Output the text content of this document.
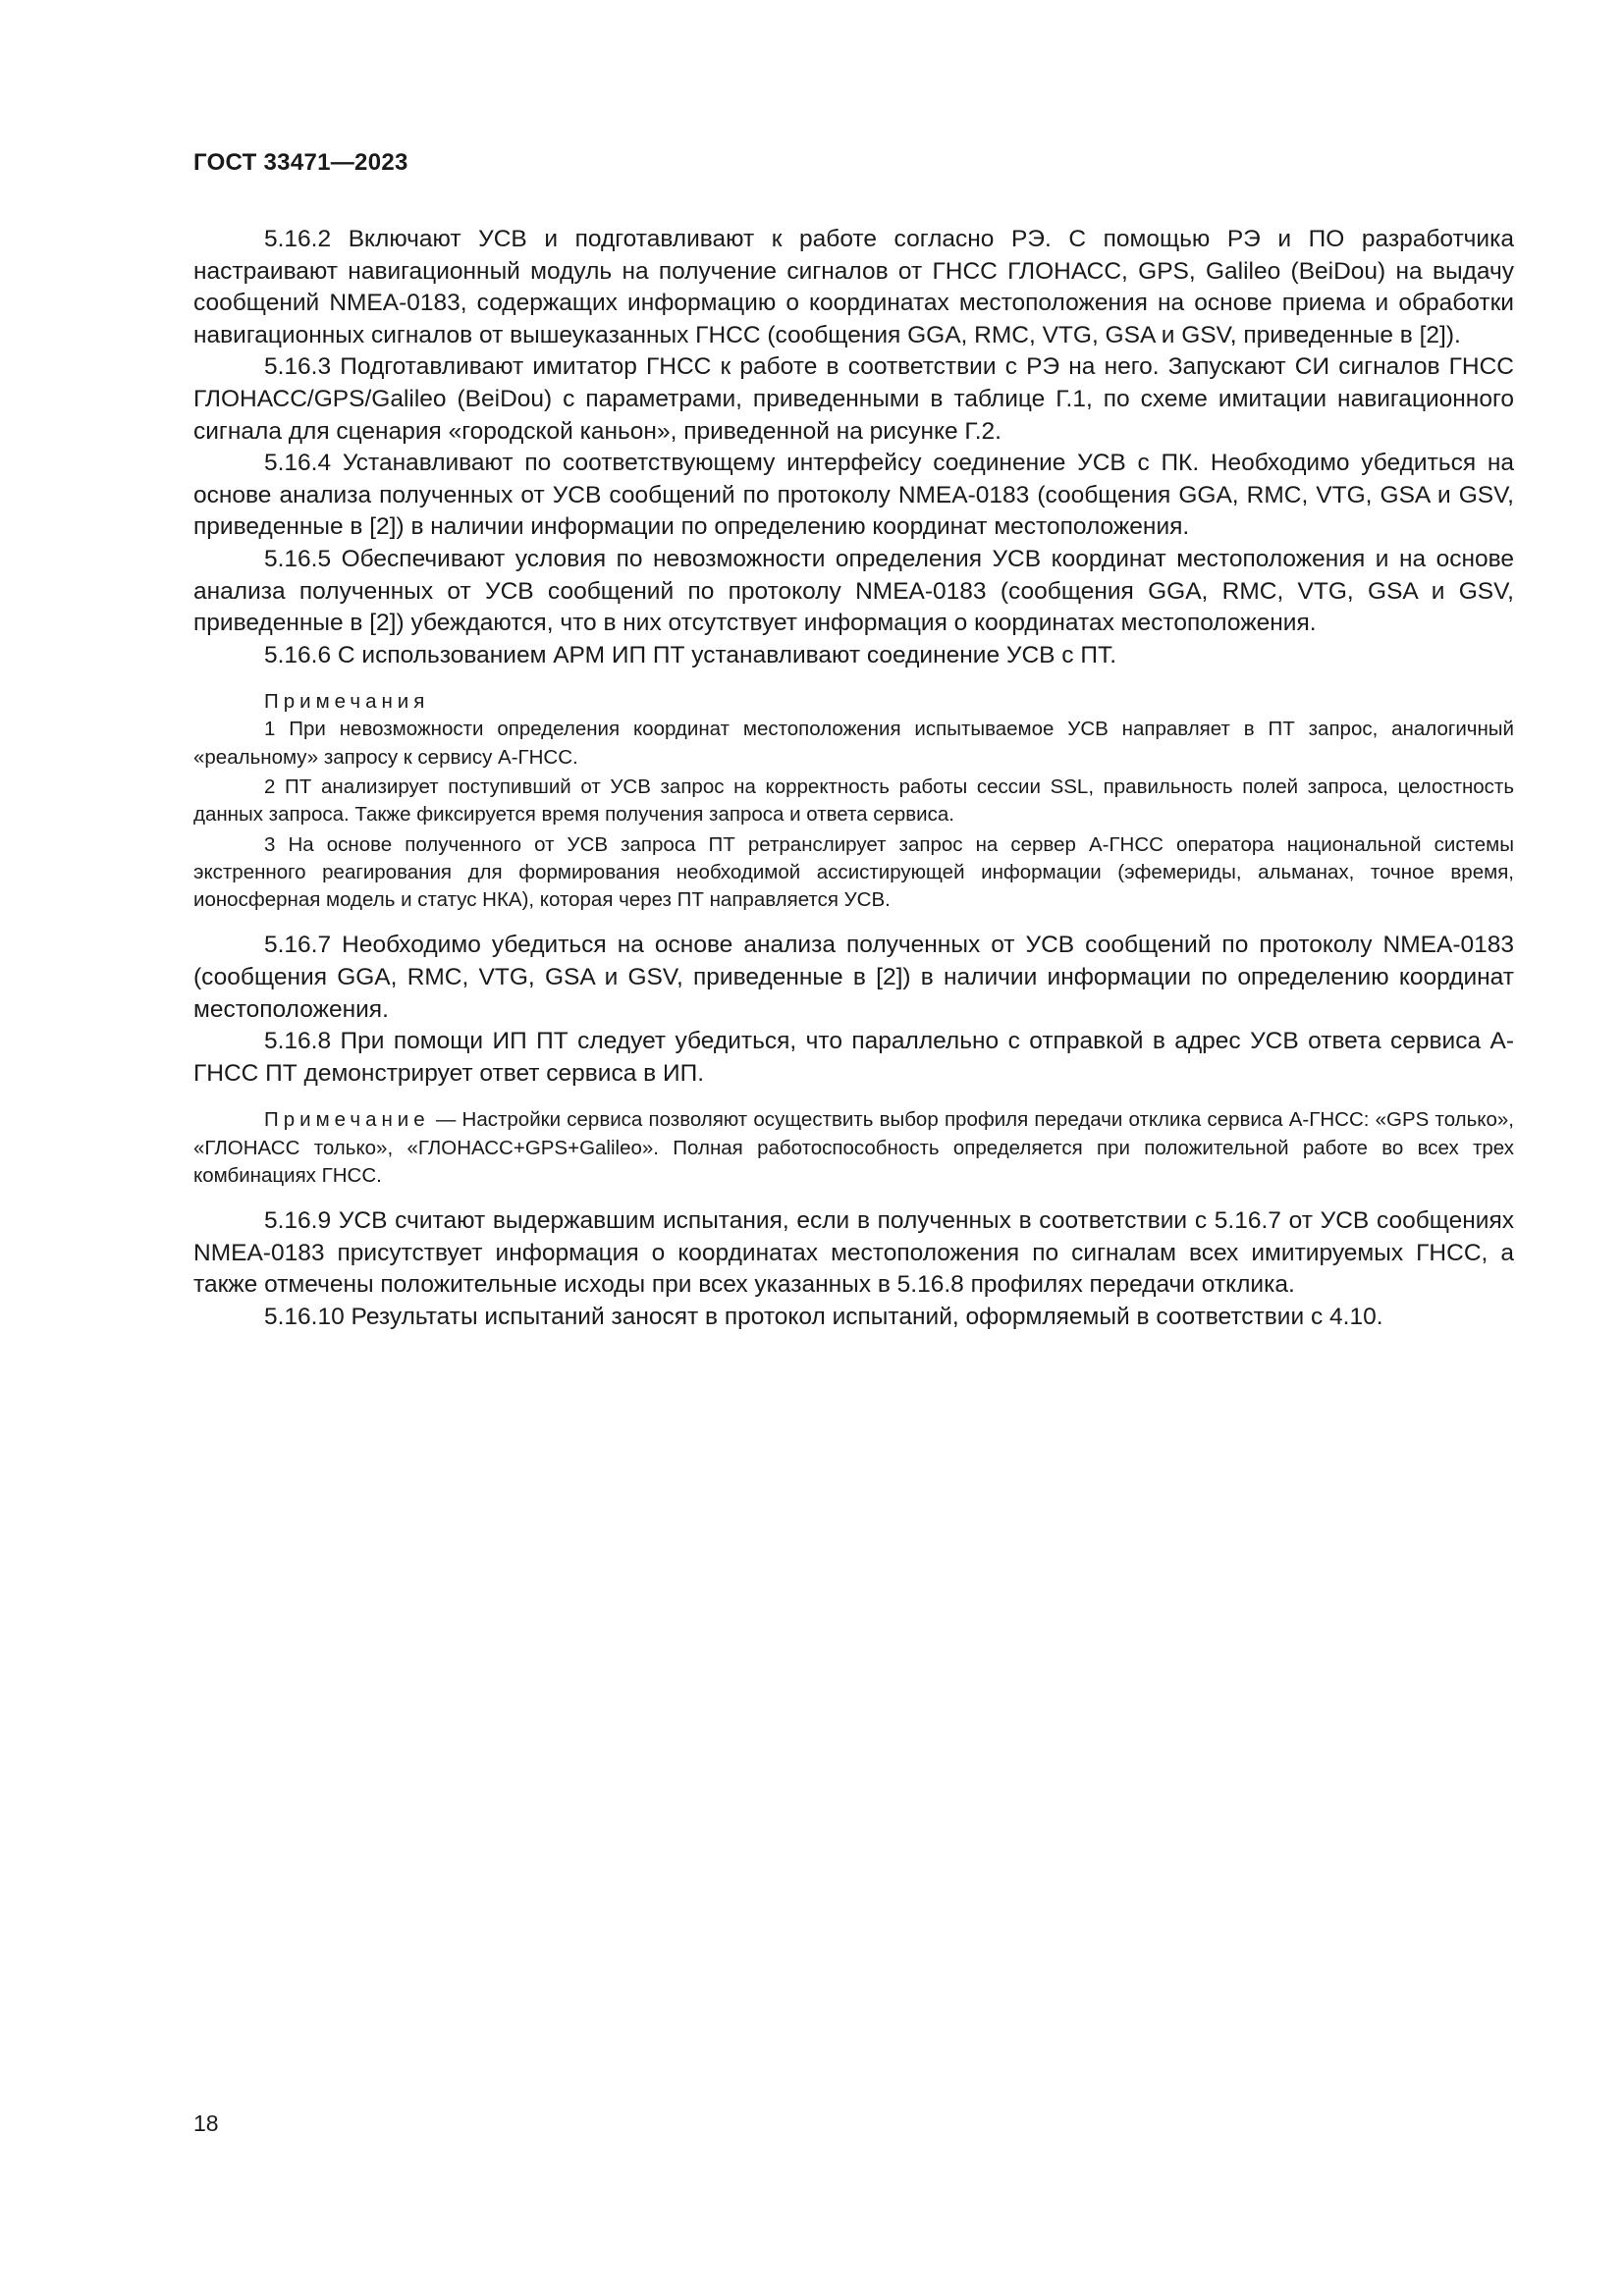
ГОСТ 33471—2023

5.16.2 Включают УСВ и подготавливают к работе согласно РЭ. С помощью РЭ и ПО разработчика настраивают навигационный модуль на получение сигналов от ГНСС ГЛОНАСС, GPS, Galileo (BeiDou) на выдачу сообщений NMEA-0183, содержащих информацию о координатах местоположения на основе приема и обработки навигационных сигналов от вышеуказанных ГНСС (сообщения GGA, RMC, VTG, GSA и GSV, приведенные в [2]).

5.16.3 Подготавливают имитатор ГНСС к работе в соответствии с РЭ на него. Запускают СИ сигналов ГНСС ГЛОНАСС/GPS/Galileo (BeiDou) с параметрами, приведенными в таблице Г.1, по схеме имитации навигационного сигнала для сценария «городской каньон», приведенной на рисунке Г.2.

5.16.4 Устанавливают по соответствующему интерфейсу соединение УСВ с ПК. Необходимо убедиться на основе анализа полученных от УСВ сообщений по протоколу NMEA-0183 (сообщения GGA, RMC, VTG, GSA и GSV, приведенные в [2]) в наличии информации по определению координат местоположения.

5.16.5 Обеспечивают условия по невозможности определения УСВ координат местоположения и на основе анализа полученных от УСВ сообщений по протоколу NMEA-0183 (сообщения GGA, RMC, VTG, GSA и GSV, приведенные в [2]) убеждаются, что в них отсутствует информация о координатах местоположения.

5.16.6 С использованием АРМ ИП ПТ устанавливают соединение УСВ с ПТ.

Примечания

1 При невозможности определения координат местоположения испытываемое УСВ направляет в ПТ запрос, аналогичный «реальному» запросу к сервису А-ГНСС.

2 ПТ анализирует поступивший от УСВ запрос на корректность работы сессии SSL, правильность полей запроса, целостность данных запроса. Также фиксируется время получения запроса и ответа сервиса.

3 На основе полученного от УСВ запроса ПТ ретранслирует запрос на сервер А-ГНСС оператора национальной системы экстренного реагирования для формирования необходимой ассистирующей информации (эфемериды, альманах, точное время, ионосферная модель и статус НКА), которая через ПТ направляется УСВ.

5.16.7 Необходимо убедиться на основе анализа полученных от УСВ сообщений по протоколу NMEA-0183 (сообщения GGA, RMC, VTG, GSA и GSV, приведенные в [2]) в наличии информации по определению координат местоположения.

5.16.8 При помощи ИП ПТ следует убедиться, что параллельно с отправкой в адрес УСВ ответа сервиса А-ГНСС ПТ демонстрирует ответ сервиса в ИП.

Примечание — Настройки сервиса позволяют осуществить выбор профиля передачи отклика сервиса А-ГНСС: «GPS только», «ГЛОНАСС только», «ГЛОНАСС+GPS+Galileo». Полная работоспособность определяется при положительной работе во всех трех комбинациях ГНСС.

5.16.9 УСВ считают выдержавшим испытания, если в полученных в соответствии с 5.16.7 от УСВ сообщениях NMEA-0183 присутствует информация о координатах местоположения по сигналам всех имитируемых ГНСС, а также отмечены положительные исходы при всех указанных в 5.16.8 профилях передачи отклика.

5.16.10 Результаты испытаний заносят в протокол испытаний, оформляемый в соответствии с 4.10.

18
